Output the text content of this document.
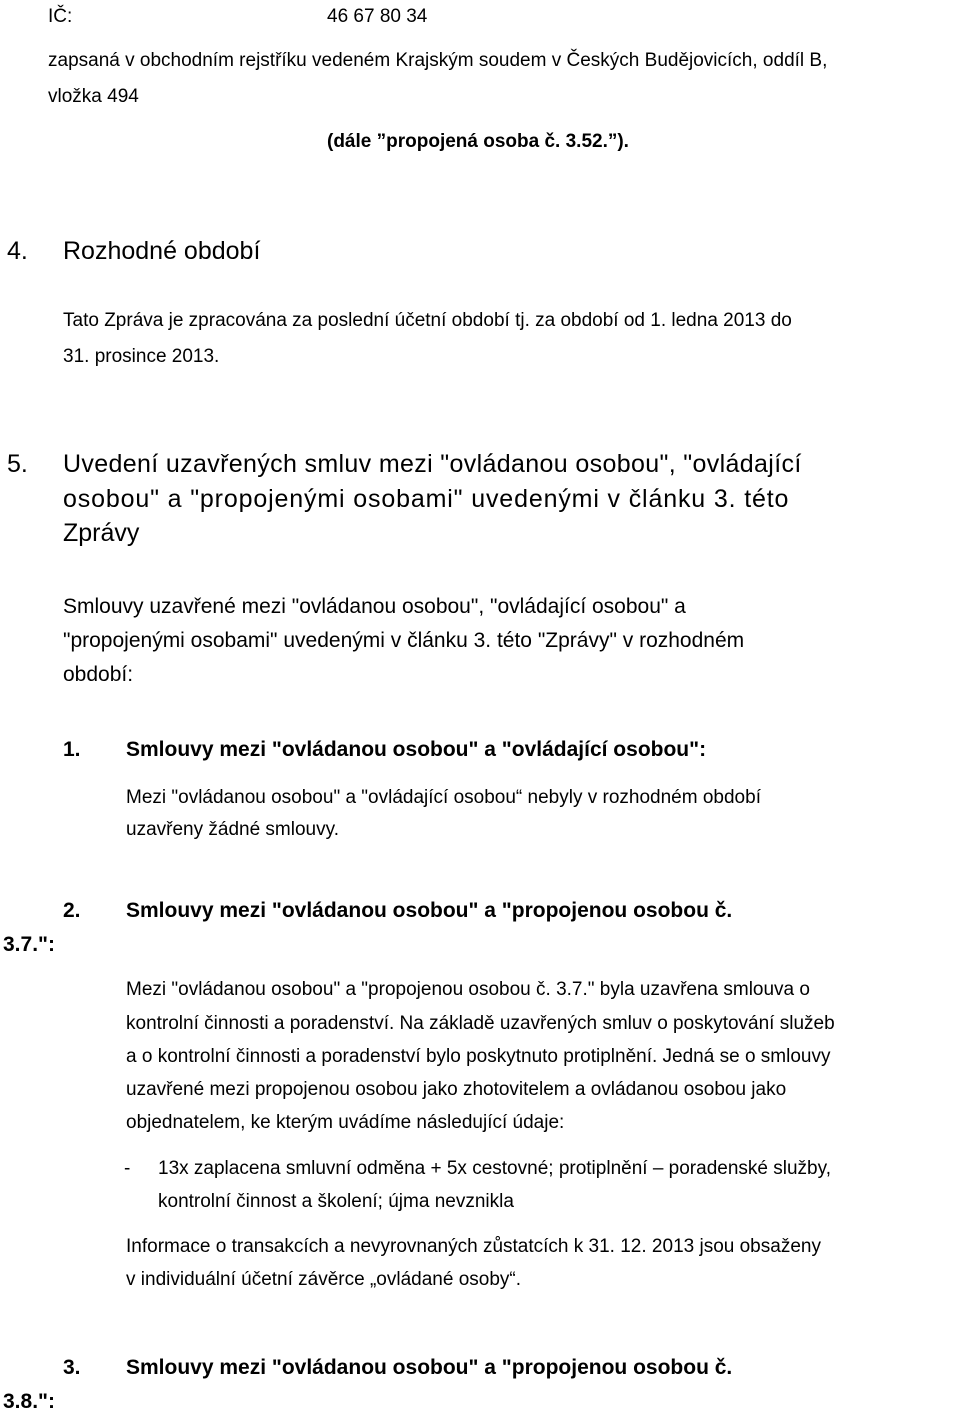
IČ:	46 67 80 34

zapsaná v obchodním rejstříku vedeném Krajským soudem v Českých Budějovicích, oddíl B,

vložka 494

(dále ”propojená osoba č. 3.52.”).

4. Rozhodné období

Tato Zpráva je zpracována za poslední účetní období tj. za období od 1. ledna 2013 do

31. prosince 2013.

5. Uvedení uzavřených smluv mezi "ovládanou osobou", "ovládající

osobou" a "propojenými osobami" uvedenými v článku 3. této

Zprávy

Smlouvy uzavřené mezi "ovládanou osobou", "ovládající osobou" a

"propojenými osobami" uvedenými v článku 3. této "Zprávy" v rozhodném

období:

1. Smlouvy mezi "ovládanou osobou" a "ovládající osobou":

Mezi "ovládanou osobou" a "ovládající osobou“ nebyly v rozhodném období

uzavřeny žádné smlouvy.

2. Smlouvy mezi "ovládanou osobou" a "propojenou osobou č.

3.7.":

Mezi "ovládanou osobou" a "propojenou osobou č. 3.7." byla uzavřena smlouva o

kontrolní činnosti a poradenství. Na základě uzavřených smluv o poskytování služeb

a o kontrolní činnosti a poradenství bylo poskytnuto protiplnění. Jedná se o smlouvy

uzavřené mezi propojenou osobou jako zhotovitelem a ovládanou osobou jako

objednatelem, ke kterým uvádíme následující údaje:

- 13x zaplacena smluvní odměna + 5x cestovné; protiplnění – poradenské služby,

kontrolní činnost a školení; újma nevznikla

Informace o transakcích a nevyrovnaných zůstatcích k 31. 12. 2013 jsou obsaženy

v individuální účetní závěrce „ovládané osoby“.

3. Smlouvy mezi "ovládanou osobou" a "propojenou osobou č.

3.8.":
